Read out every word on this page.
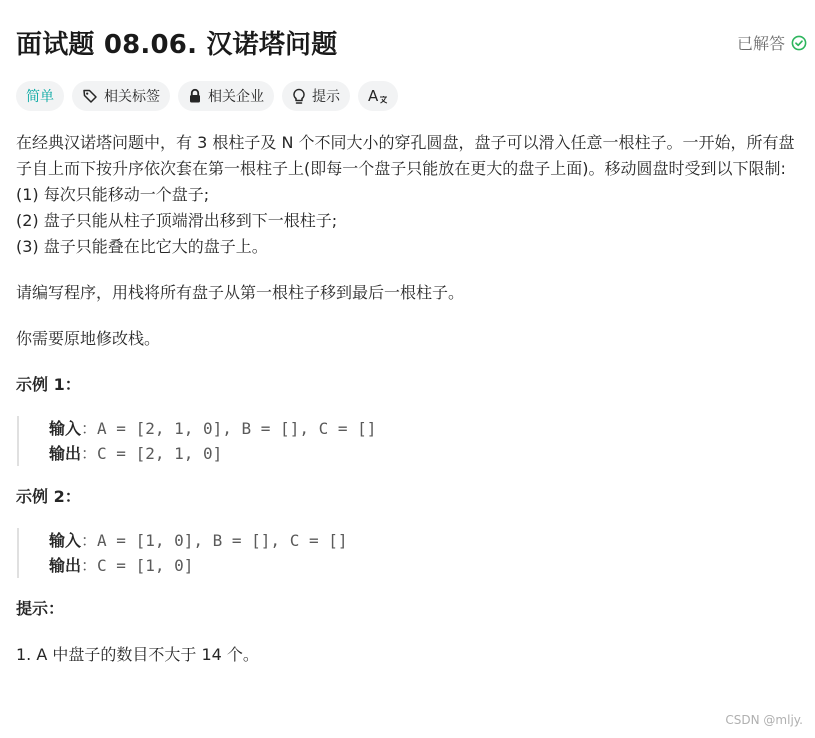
面试题 08.06. 汉诺塔问题	已解答
简单	相关标签	相关企业	提示 A

在经典汉诺塔问题中，有 3 根柱子及 N 个不同大小的穿孔圆盘，盘子可以滑入任意一根柱子。一开始，所有盘子自上而下按升序依次套在第一根柱子上(即每一个盘子只能放在更大的盘子上面)。移动圆盘时受到以下限制:

(1) 每次只能移动一个盘子;

(2) 盘子只能从柱子顶端滑出移到下一根柱子;

(3) 盘子只能叠在比它大的盘子上。

请编写程序，用栈将所有盘子从第一根柱子移到最后一根柱子。

你需要原地修改栈。

示例 1：

输入：A = [2, 1, 0], B = [], C = []
输出：C = [2, 1, 0]

示例 2：

输入：A = [1, 0], B = [], C = []
输出：C = [1, 0]

提示：

1. A 中盘子的数目不大于 14 个。

CSDN @mljy.
